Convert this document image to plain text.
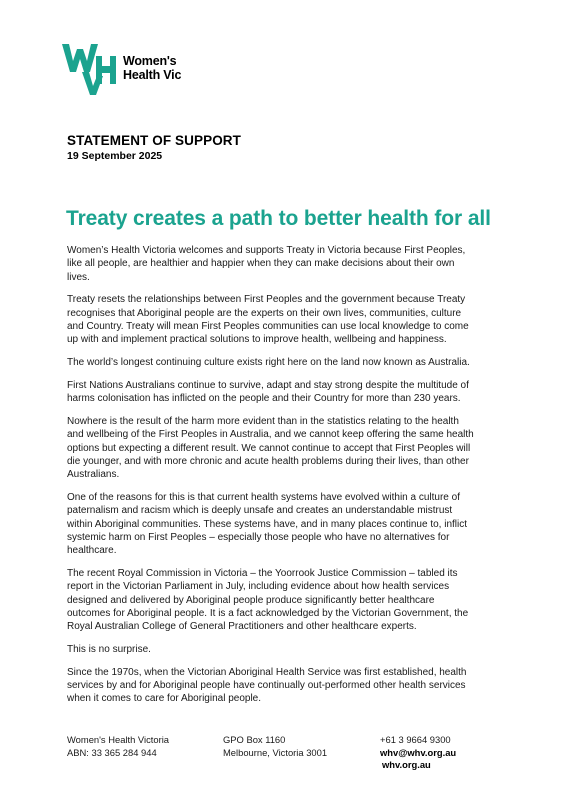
Women's
Health Vic
STATEMENT OF SUPPORT
19 September 2025
Treaty creates a path to better health for all

Women’s Health Victoria welcomes and supports Treaty in Victoria because First Peoples,
like all people, are healthier and happier when they can make decisions about their own
lives.

Treaty resets the relationships between First Peoples and the government because Treaty
recognises that Aboriginal people are the experts on their own lives, communities, culture
and Country. Treaty will mean First Peoples communities can use local knowledge to come
up with and implement practical solutions to improve health, wellbeing and happiness.

The world’s longest continuing culture exists right here on the land now known as Australia.

First Nations Australians continue to survive, adapt and stay strong despite the multitude of
harms colonisation has inflicted on the people and their Country for more than 230 years.

Nowhere is the result of the harm more evident than in the statistics relating to the health
and wellbeing of the First Peoples in Australia, and we cannot keep offering the same health
options but expecting a different result. We cannot continue to accept that First Peoples will
die younger, and with more chronic and acute health problems during their lives, than other
Australians.

One of the reasons for this is that current health systems have evolved within a culture of
paternalism and racism which is deeply unsafe and creates an understandable mistrust
within Aboriginal communities. These systems have, and in many places continue to, inflict
systemic harm on First Peoples – especially those people who have no alternatives for
healthcare.

The recent Royal Commission in Victoria – the Yoorrook Justice Commission – tabled its
report in the Victorian Parliament in July, including evidence about how health services
designed and delivered by Aboriginal people produce significantly better healthcare
outcomes for Aboriginal people. It is a fact acknowledged by the Victorian Government, the
Royal Australian College of General Practitioners and other healthcare experts.

This is no surprise.

Since the 1970s, when the Victorian Aboriginal Health Service was first established, health
services by and for Aboriginal people have continually out-performed other health services
when it comes to care for Aboriginal people.

Women's Health Victoria
ABN: 33 365 284 944
GPO Box 1160
Melbourne, Victoria 3001
+61 3 9664 9300
whv@whv.org.au
whv.org.au
